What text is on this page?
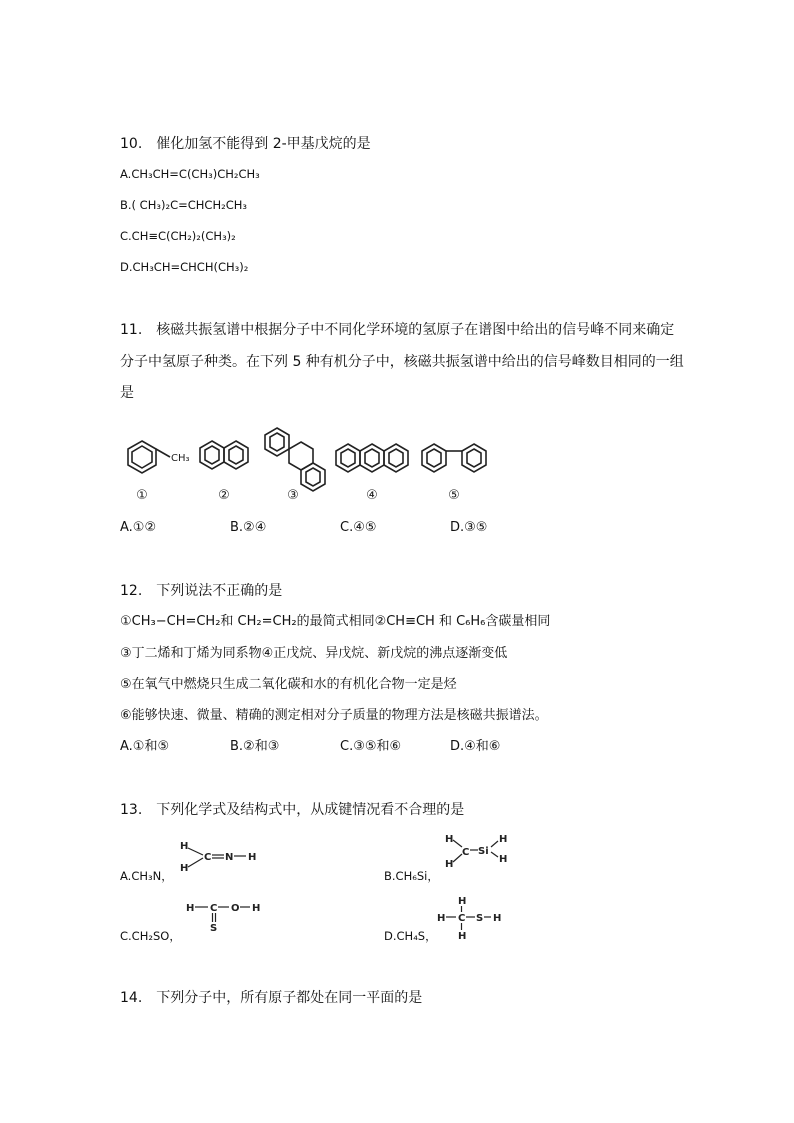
10.　催化加氢不能得到 2-甲基戊烷的是
A.CH₃CH=C(CH₃)CH₂CH₃
B.( CH₃)₂C=CHCH₂CH₃
C.CH≡C(CH₂)₂(CH₃)₂
D.CH₃CH=CHCH(CH₃)₂
11.　核磁共振氢谱中根据分子中不同化学环境的氢原子在谱图中给出的信号峰不同来确定
分子中氢原子种类。在下列 5 种有机分子中，核磁共振氢谱中给出的信号峰数目相同的一组
是
CH₃
①	②	③	④	⑤
A.①②	B.②④	C.④⑤	D.③⑤
12.　下列说法不正确的是
①CH₃−CH=CH₂和 CH₂=CH₂的最简式相同②CH≡CH 和 C₆H₆含碳量相同
③丁二烯和丁烯为同系物④正戊烷、异戊烷、新戊烷的沸点逐渐变低
⑤在氧气中燃烧只生成二氧化碳和水的有机化合物一定是烃
⑥能够快速、微量、精确的测定相对分子质量的物理方法是核磁共振谱法。
A.①和⑤	B.②和③	C.③⑤和⑥	D.④和⑥
13.　下列化学式及结构式中，从成键情况看不合理的是
H
H
C N H
A.CH₃N，
H
H
C Si
H
H
B.CH₆Si，
H C O H
S
C.CH₂SO，
H
H C S H
H
D.CH₄S，
14.　下列分子中，所有原子都处在同一平面的是
